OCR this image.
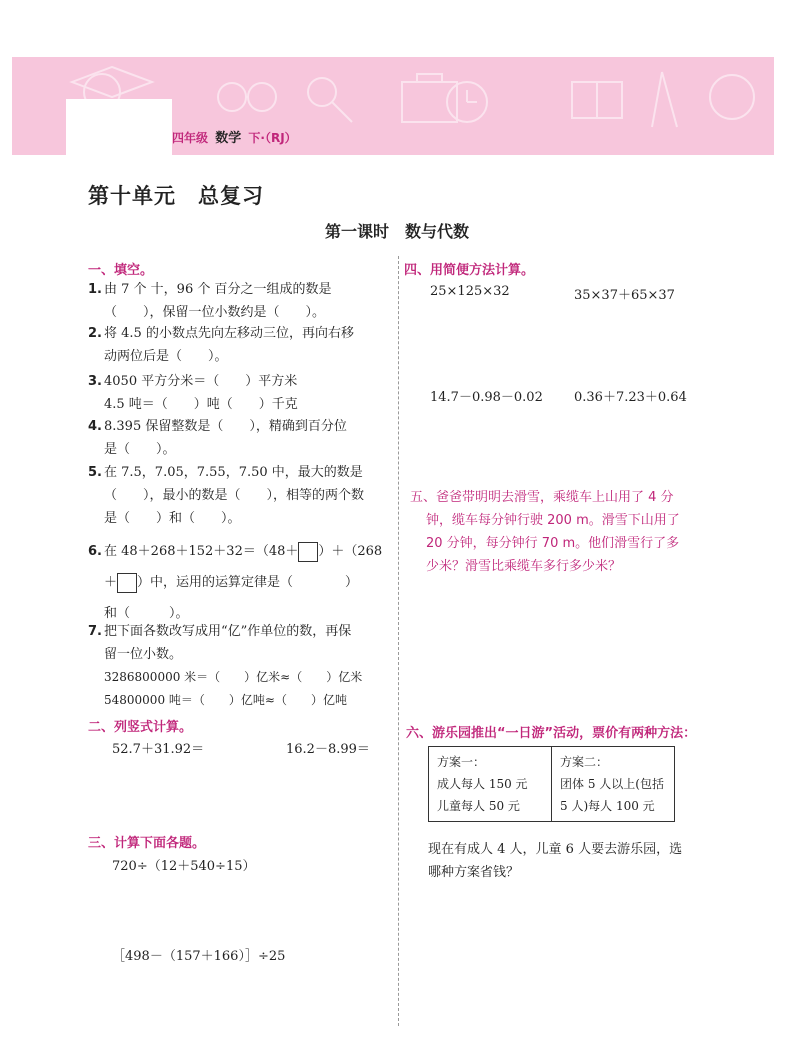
四年级 数学 下·（RJ）
第十单元　总复习
第一课时　数与代数
一、填空。
1. 由 7 个 十，96 个 百分之一组成的数是
（　　），保留一位小数约是（　　）。
2. 将 4.5 的小数点先向左移动三位，再向右移
动两位后是（　　）。
3. 4050 平方分米＝（　　）平方米
4.5 吨＝（　　）吨（　　）千克
4. 8.395 保留整数是（　　），精确到百分位
是（　　）。
5. 在 7.5，7.05，7.55，7.50 中，最大的数是
（　　），最小的数是（　　），相等的两个数
是（　　）和（　　）。
6. 在 48＋268＋152＋32＝（48＋ ）＋（268
＋ ）中，运用的运算定律是（　　　　）
和（　　　）。
7. 把下面各数改写成用“亿”作单位的数，再保
留一位小数。
3286800000 米＝（　　）亿米≈（　　）亿米
54800000 吨＝（　　）亿吨≈（　　）亿吨
二、列竖式计算。
52.7＋31.92＝	16.2－8.99＝
三、计算下面各题。
720÷（12＋540÷15）
［498－（157＋166）］÷25
四、用简便方法计算。
25×125×32	35×37＋65×37
14.7－0.98－0.02 0.36＋7.23＋0.64
五、爸爸带明明去滑雪，乘缆车上山用了 4 分
钟，缆车每分钟行驶 200 m。滑雪下山用了
20 分钟，每分钟行 70 m。他们滑雪行了多
少米？滑雪比乘缆车多行多少米？
六、游乐园推出“一日游”活动，票价有两种方法：
方案一：
成人每人 150 元
儿童每人 50 元

方案二：
团体 5 人以上(包括
5 人)每人 100 元
现在有成人 4 人，儿童 6 人要去游乐园，选
哪种方案省钱？
